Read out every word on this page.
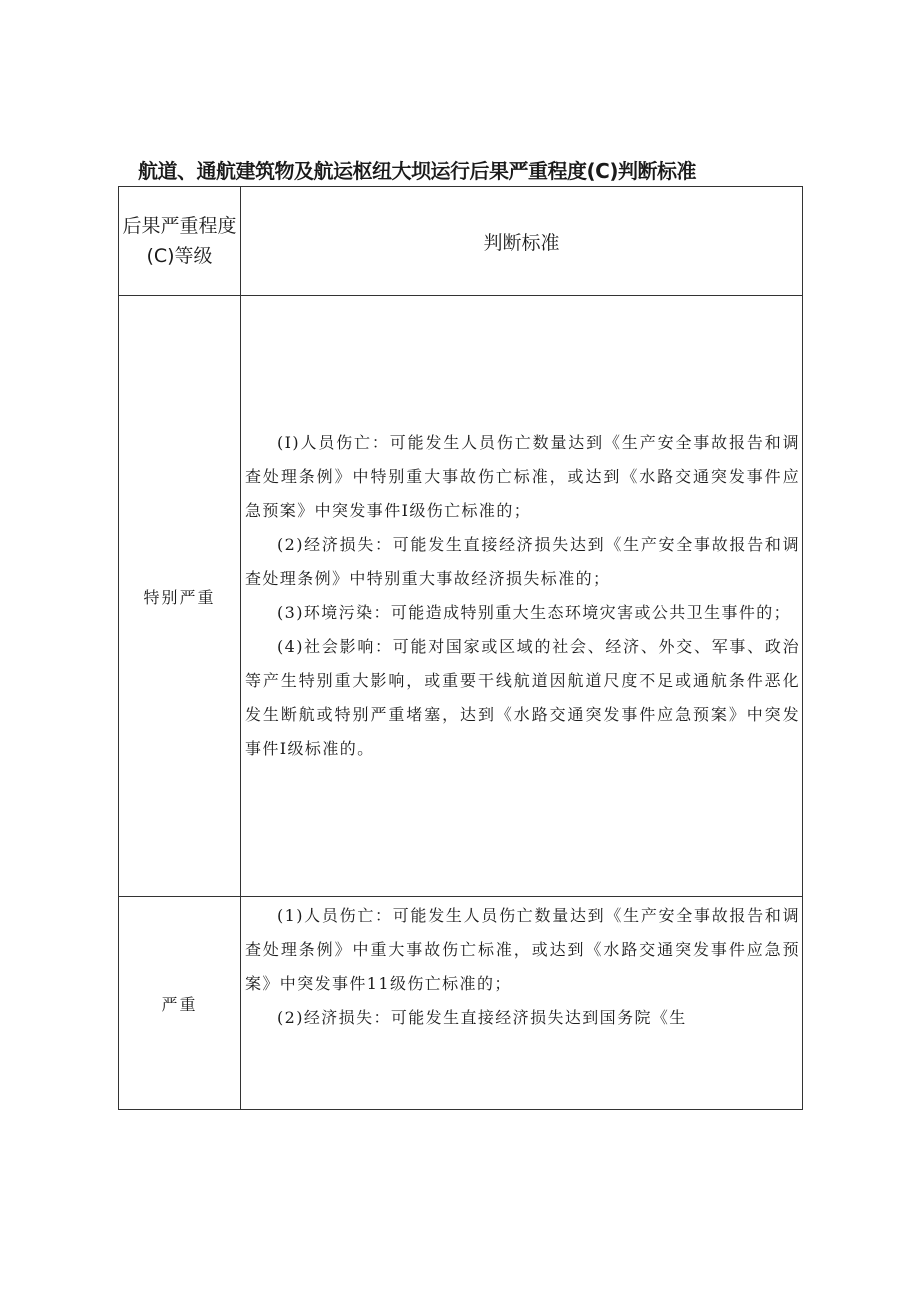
航道、通航建筑物及航运枢纽大坝运行后果严重程度(C)判断标准
后果严重程度(C)等级	判断标准
特别严重	(I)人员伤亡：可能发生人员伤亡数量达到《生产安全事故报告和调查处理条例》中特别重大事故伤亡标准，或达到《水路交通突发事件应急预案》中突发事件Ⅰ级伤亡标准的；

(2)经济损失：可能发生直接经济损失达到《生产安全事故报告和调查处理条例》中特别重大事故经济损失标准的；

(3)环境污染：可能造成特别重大生态环境灾害或公共卫生事件的；

(4)社会影响：可能对国家或区域的社会、经济、外交、军事、政治等产生特别重大影响，或重要干线航道因航道尺度不足或通航条件恶化发生断航或特别严重堵塞，达到《水路交通突发事件应急预案》中突发事件Ⅰ级标准的。

严重	(1)人员伤亡：可能发生人员伤亡数量达到《生产安全事故报告和调查处理条例》中重大事故伤亡标准，或达到《水路交通突发事件应急预案》中突发事件11级伤亡标准的；

(2)经济损失：可能发生直接经济损失达到国务院《生
